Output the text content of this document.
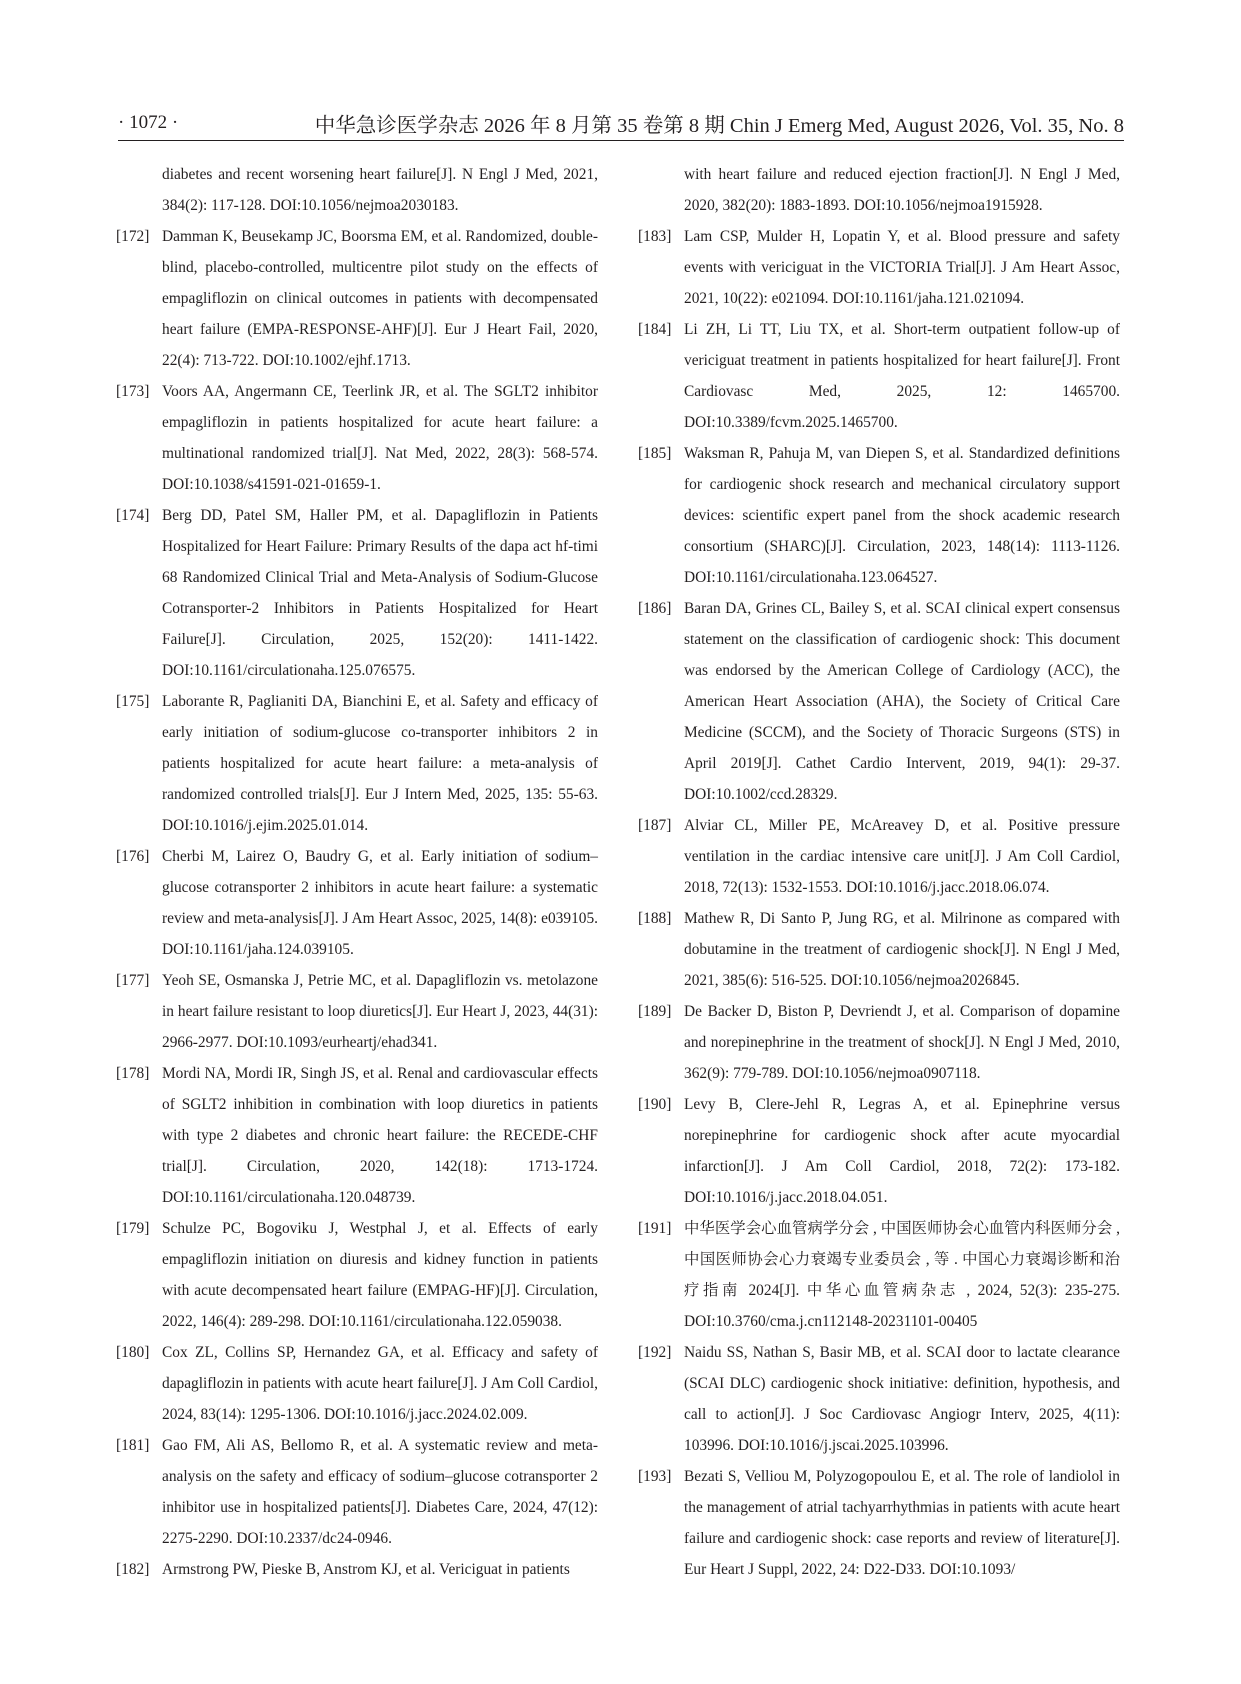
· 1072 ·	中华急诊医学杂志 2026 年 8 月第 35 卷第 8 期 Chin J Emerg Med, August 2026, Vol. 35, No. 8
diabetes and recent worsening heart failure[J]. N Engl J Med, 2021, 384(2): 117-128. DOI:10.1056/nejmoa2030183.
[172] Damman K, Beusekamp JC, Boorsma EM, et al. Randomized, double-blind, placebo-controlled, multicentre pilot study on the effects of empagliflozin on clinical outcomes in patients with decompensated heart failure (EMPA-RESPONSE-AHF)[J]. Eur J Heart Fail, 2020, 22(4): 713-722. DOI:10.1002/ejhf.1713.
[173] Voors AA, Angermann CE, Teerlink JR, et al. The SGLT2 inhibitor empagliflozin in patients hospitalized for acute heart failure: a multinational randomized trial[J]. Nat Med, 2022, 28(3): 568-574. DOI:10.1038/s41591-021-01659-1.
[174] Berg DD, Patel SM, Haller PM, et al. Dapagliflozin in Patients Hospitalized for Heart Failure: Primary Results of the dapa act hf-timi 68 Randomized Clinical Trial and Meta-Analysis of Sodium-Glucose Cotransporter-2 Inhibitors in Patients Hospitalized for Heart Failure[J]. Circulation, 2025, 152(20): 1411-1422. DOI:10.1161/circulationaha.125.076575.
[175] Laborante R, Paglianiti DA, Bianchini E, et al. Safety and efficacy of early initiation of sodium-glucose co-transporter inhibitors 2 in patients hospitalized for acute heart failure: a meta-analysis of randomized controlled trials[J]. Eur J Intern Med, 2025, 135: 55-63. DOI:10.1016/j.ejim.2025.01.014.
[176] Cherbi M, Lairez O, Baudry G, et al. Early initiation of sodium–glucose cotransporter 2 inhibitors in acute heart failure: a systematic review and meta-analysis[J]. J Am Heart Assoc, 2025, 14(8): e039105. DOI:10.1161/jaha.124.039105.
[177] Yeoh SE, Osmanska J, Petrie MC, et al. Dapagliflozin vs. metolazone in heart failure resistant to loop diuretics[J]. Eur Heart J, 2023, 44(31): 2966-2977. DOI:10.1093/eurheartj/ehad341.
[178] Mordi NA, Mordi IR, Singh JS, et al. Renal and cardiovascular effects of SGLT2 inhibition in combination with loop diuretics in patients with type 2 diabetes and chronic heart failure: the RECEDE-CHF trial[J]. Circulation, 2020, 142(18): 1713-1724. DOI:10.1161/circulationaha.120.048739.
[179] Schulze PC, Bogoviku J, Westphal J, et al. Effects of early empagliflozin initiation on diuresis and kidney function in patients with acute decompensated heart failure (EMPAG-HF)[J]. Circulation, 2022, 146(4): 289-298. DOI:10.1161/circulationaha.122.059038.
[180] Cox ZL, Collins SP, Hernandez GA, et al. Efficacy and safety of dapagliflozin in patients with acute heart failure[J]. J Am Coll Cardiol, 2024, 83(14): 1295-1306. DOI:10.1016/j.jacc.2024.02.009.
[181] Gao FM, Ali AS, Bellomo R, et al. A systematic review and meta-analysis on the safety and efficacy of sodium–glucose cotransporter 2 inhibitor use in hospitalized patients[J]. Diabetes Care, 2024, 47(12): 2275-2290. DOI:10.2337/dc24-0946.
[182] Armstrong PW, Pieske B, Anstrom KJ, et al. Vericiguat in patients
with heart failure and reduced ejection fraction[J]. N Engl J Med, 2020, 382(20): 1883-1893. DOI:10.1056/nejmoa1915928.
[183] Lam CSP, Mulder H, Lopatin Y, et al. Blood pressure and safety events with vericiguat in the VICTORIA Trial[J]. J Am Heart Assoc, 2021, 10(22): e021094. DOI:10.1161/jaha.121.021094.
[184] Li ZH, Li TT, Liu TX, et al. Short-term outpatient follow-up of vericiguat treatment in patients hospitalized for heart failure[J]. Front Cardiovasc Med, 2025, 12: 1465700. DOI:10.3389/fcvm.2025.1465700.
[185] Waksman R, Pahuja M, van Diepen S, et al. Standardized definitions for cardiogenic shock research and mechanical circulatory support devices: scientific expert panel from the shock academic research consortium (SHARC)[J]. Circulation, 2023, 148(14): 1113-1126. DOI:10.1161/circulationaha.123.064527.
[186] Baran DA, Grines CL, Bailey S, et al. SCAI clinical expert consensus statement on the classification of cardiogenic shock: This document was endorsed by the American College of Cardiology (ACC), the American Heart Association (AHA), the Society of Critical Care Medicine (SCCM), and the Society of Thoracic Surgeons (STS) in April 2019[J]. Cathet Cardio Intervent, 2019, 94(1): 29-37. DOI:10.1002/ccd.28329.
[187] Alviar CL, Miller PE, McAreavey D, et al. Positive pressure ventilation in the cardiac intensive care unit[J]. J Am Coll Cardiol, 2018, 72(13): 1532-1553. DOI:10.1016/j.jacc.2018.06.074.
[188] Mathew R, Di Santo P, Jung RG, et al. Milrinone as compared with dobutamine in the treatment of cardiogenic shock[J]. N Engl J Med, 2021, 385(6): 516-525. DOI:10.1056/nejmoa2026845.
[189] De Backer D, Biston P, Devriendt J, et al. Comparison of dopamine and norepinephrine in the treatment of shock[J]. N Engl J Med, 2010, 362(9): 779-789. DOI:10.1056/nejmoa0907118.
[190] Levy B, Clere-Jehl R, Legras A, et al. Epinephrine versus norepinephrine for cardiogenic shock after acute myocardial infarction[J]. J Am Coll Cardiol, 2018, 72(2): 173-182. DOI:10.1016/j.jacc.2018.04.051.
[191] 中华医学会心血管病学分会 , 中国医师协会心血管内科医师分会 , 中国医师协会心力衰竭专业委员会 , 等 . 中国心力衰竭诊断和治疗指南 2024[J]. 中华心血管病杂志 , 2024, 52(3): 235-275. DOI:10.3760/cma.j.cn112148-20231101-00405
[192] Naidu SS, Nathan S, Basir MB, et al. SCAI door to lactate clearance (SCAI DLC) cardiogenic shock initiative: definition, hypothesis, and call to action[J]. J Soc Cardiovasc Angiogr Interv, 2025, 4(11): 103996. DOI:10.1016/j.jscai.2025.103996.
[193] Bezati S, Velliou M, Polyzogopoulou E, et al. The role of landiolol in the management of atrial tachyarrhythmias in patients with acute heart failure and cardiogenic shock: case reports and review of literature[J]. Eur Heart J Suppl, 2022, 24: D22-D33. DOI:10.1093/
